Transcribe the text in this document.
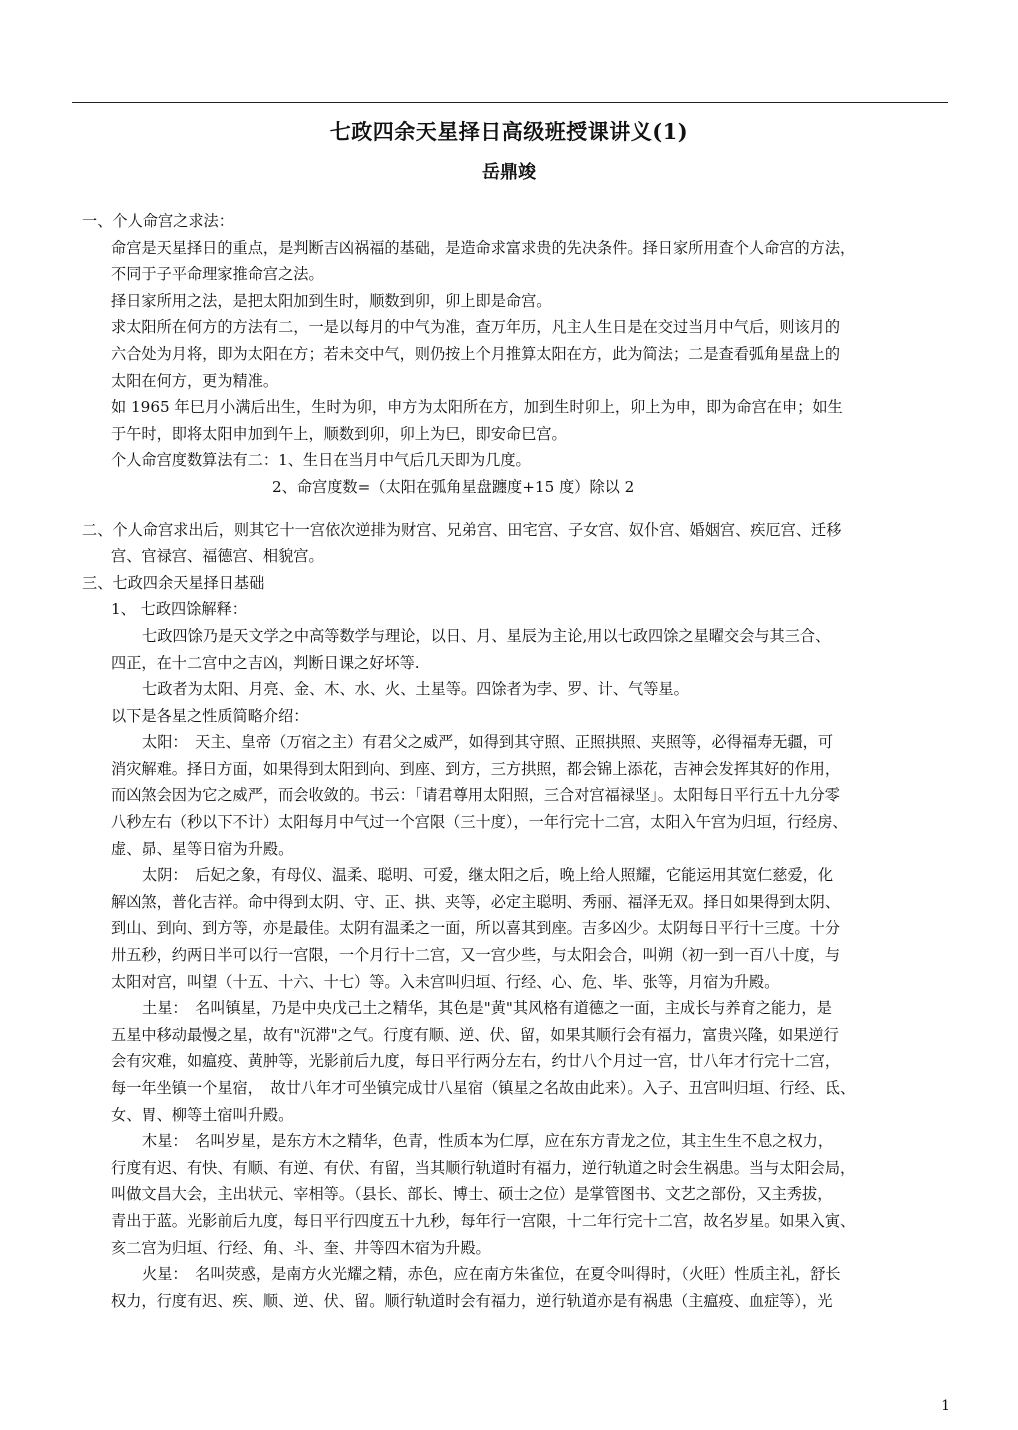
七政四余天星择日高级班授课讲义(1)
岳鼎竣
一、个人命宫之求法：
命宫是天星择日的重点，是判断吉凶祸福的基础，是造命求富求贵的先决条件。择日家所用查个人命宫的方法，
不同于子平命理家推命宫之法。
择日家所用之法，是把太阳加到生时，顺数到卯，卯上即是命宫。
求太阳所在何方的方法有二，一是以每月的中气为准，查万年历，凡主人生日是在交过当月中气后，则该月的
六合处为月将，即为太阳在方；若未交中气，则仍按上个月推算太阳在方，此为简法；二是查看弧角星盘上的
太阳在何方，更为精准。
如 1965 年巳月小满后出生，生时为卯，申方为太阳所在方，加到生时卯上，卯上为申，即为命宫在申；如生
于午时，即将太阳申加到午上，顺数到卯，卯上为巳，即安命巳宫。
个人命宫度数算法有二：1、生日在当月中气后几天即为几度。
2、命宫度数=（太阳在弧角星盘躔度+15 度）除以 2
二、个人命宫求出后，则其它十一宫依次逆排为财宫、兄弟宫、田宅宫、子女宫、奴仆宫、婚姻宫、疾厄宫、迁移
宫、官禄宫、福德宫、相貌宫。
三、七政四余天星择日基础
1、 七政四馀解释：
七政四馀乃是天文学之中高等数学与理论，以日、月、星辰为主论,用以七政四馀之星曜交会与其三合、
四正，在十二宫中之吉凶，判断日课之好坏等.
七政者为太阳、月亮、金、木、水、火、土星等。四馀者为孛、罗、计、气等星。
以下是各星之性质简略介绍：
太阳：　天主、皇帝（万宿之主）有君父之威严，如得到其守照、正照拱照、夹照等，必得福寿无疆，可
消灾解难。择日方面，如果得到太阳到向、到座、到方，三方拱照，都会锦上添花，吉神会发挥其好的作用，
而凶煞会因为它之威严，而会收敛的。书云：「请君尊用太阳照，三合对宫福禄坚」。太阳每日平行五十九分零
八秒左右（秒以下不计）太阳每月中气过一个宫限（三十度），一年行完十二宫，太阳入午宫为归垣，行经房、
虚、昴、星等日宿为升殿。
太阴：　后妃之象，有母仪、温柔、聪明、可爱，继太阳之后，晚上给人照耀，它能运用其宽仁慈爱，化
解凶煞，普化吉祥。命中得到太阴、守、正、拱、夹等，必定主聪明、秀丽、福泽无双。择日如果得到太阴、
到山、到向、到方等，亦是最佳。太阴有温柔之一面，所以喜其到座。吉多凶少。太阴每日平行十三度。十分
卅五秒，约两日半可以行一宫限，一个月行十二宫，又一宫少些，与太阳会合，叫朔（初一到一百八十度，与
太阳对宫，叫望（十五、十六、十七）等。入未宫叫归垣、行经、心、危、毕、张等，月宿为升殿。
土星：　名叫镇星，乃是中央戊己土之精华，其色是"黄"其风格有道德之一面，主成长与养育之能力，是
五星中移动最慢之星，故有"沉滞"之气。行度有顺、逆、伏、留，如果其顺行会有福力，富贵兴隆，如果逆行
会有灾难，如瘟疫、黄肿等，光影前后九度，每日平行两分左右，约廿八个月过一宫，廿八年才行完十二宫，
每一年坐镇一个星宿，　故廿八年才可坐镇完成廿八星宿（镇星之名故由此来）。入子、丑宫叫归垣、行经、氐、
女、胃、柳等土宿叫升殿。
木星：　名叫岁星，是东方木之精华，色青，性质本为仁厚，应在东方青龙之位，其主生生不息之权力，
行度有迟、有快、有顺、有逆、有伏、有留，当其顺行轨道时有福力，逆行轨道之时会生祸患。当与太阳会局，
叫做文昌大会，主出状元、宰相等。（县长、部长、博士、硕士之位）是掌管图书、文艺之部份，又主秀拔，
青出于蓝。光影前后九度，每日平行四度五十九秒，每年行一宫限，十二年行完十二宫，故名岁星。如果入寅、
亥二宫为归垣、行经、角、斗、奎、井等四木宿为升殿。
火星：　名叫荧惑，是南方火光耀之精，赤色，应在南方朱雀位，在夏令叫得时，（火旺）性质主礼，舒长
权力，行度有迟、疾、顺、逆、伏、留。顺行轨道时会有福力，逆行轨道亦是有祸患（主瘟疫、血症等），光
1
